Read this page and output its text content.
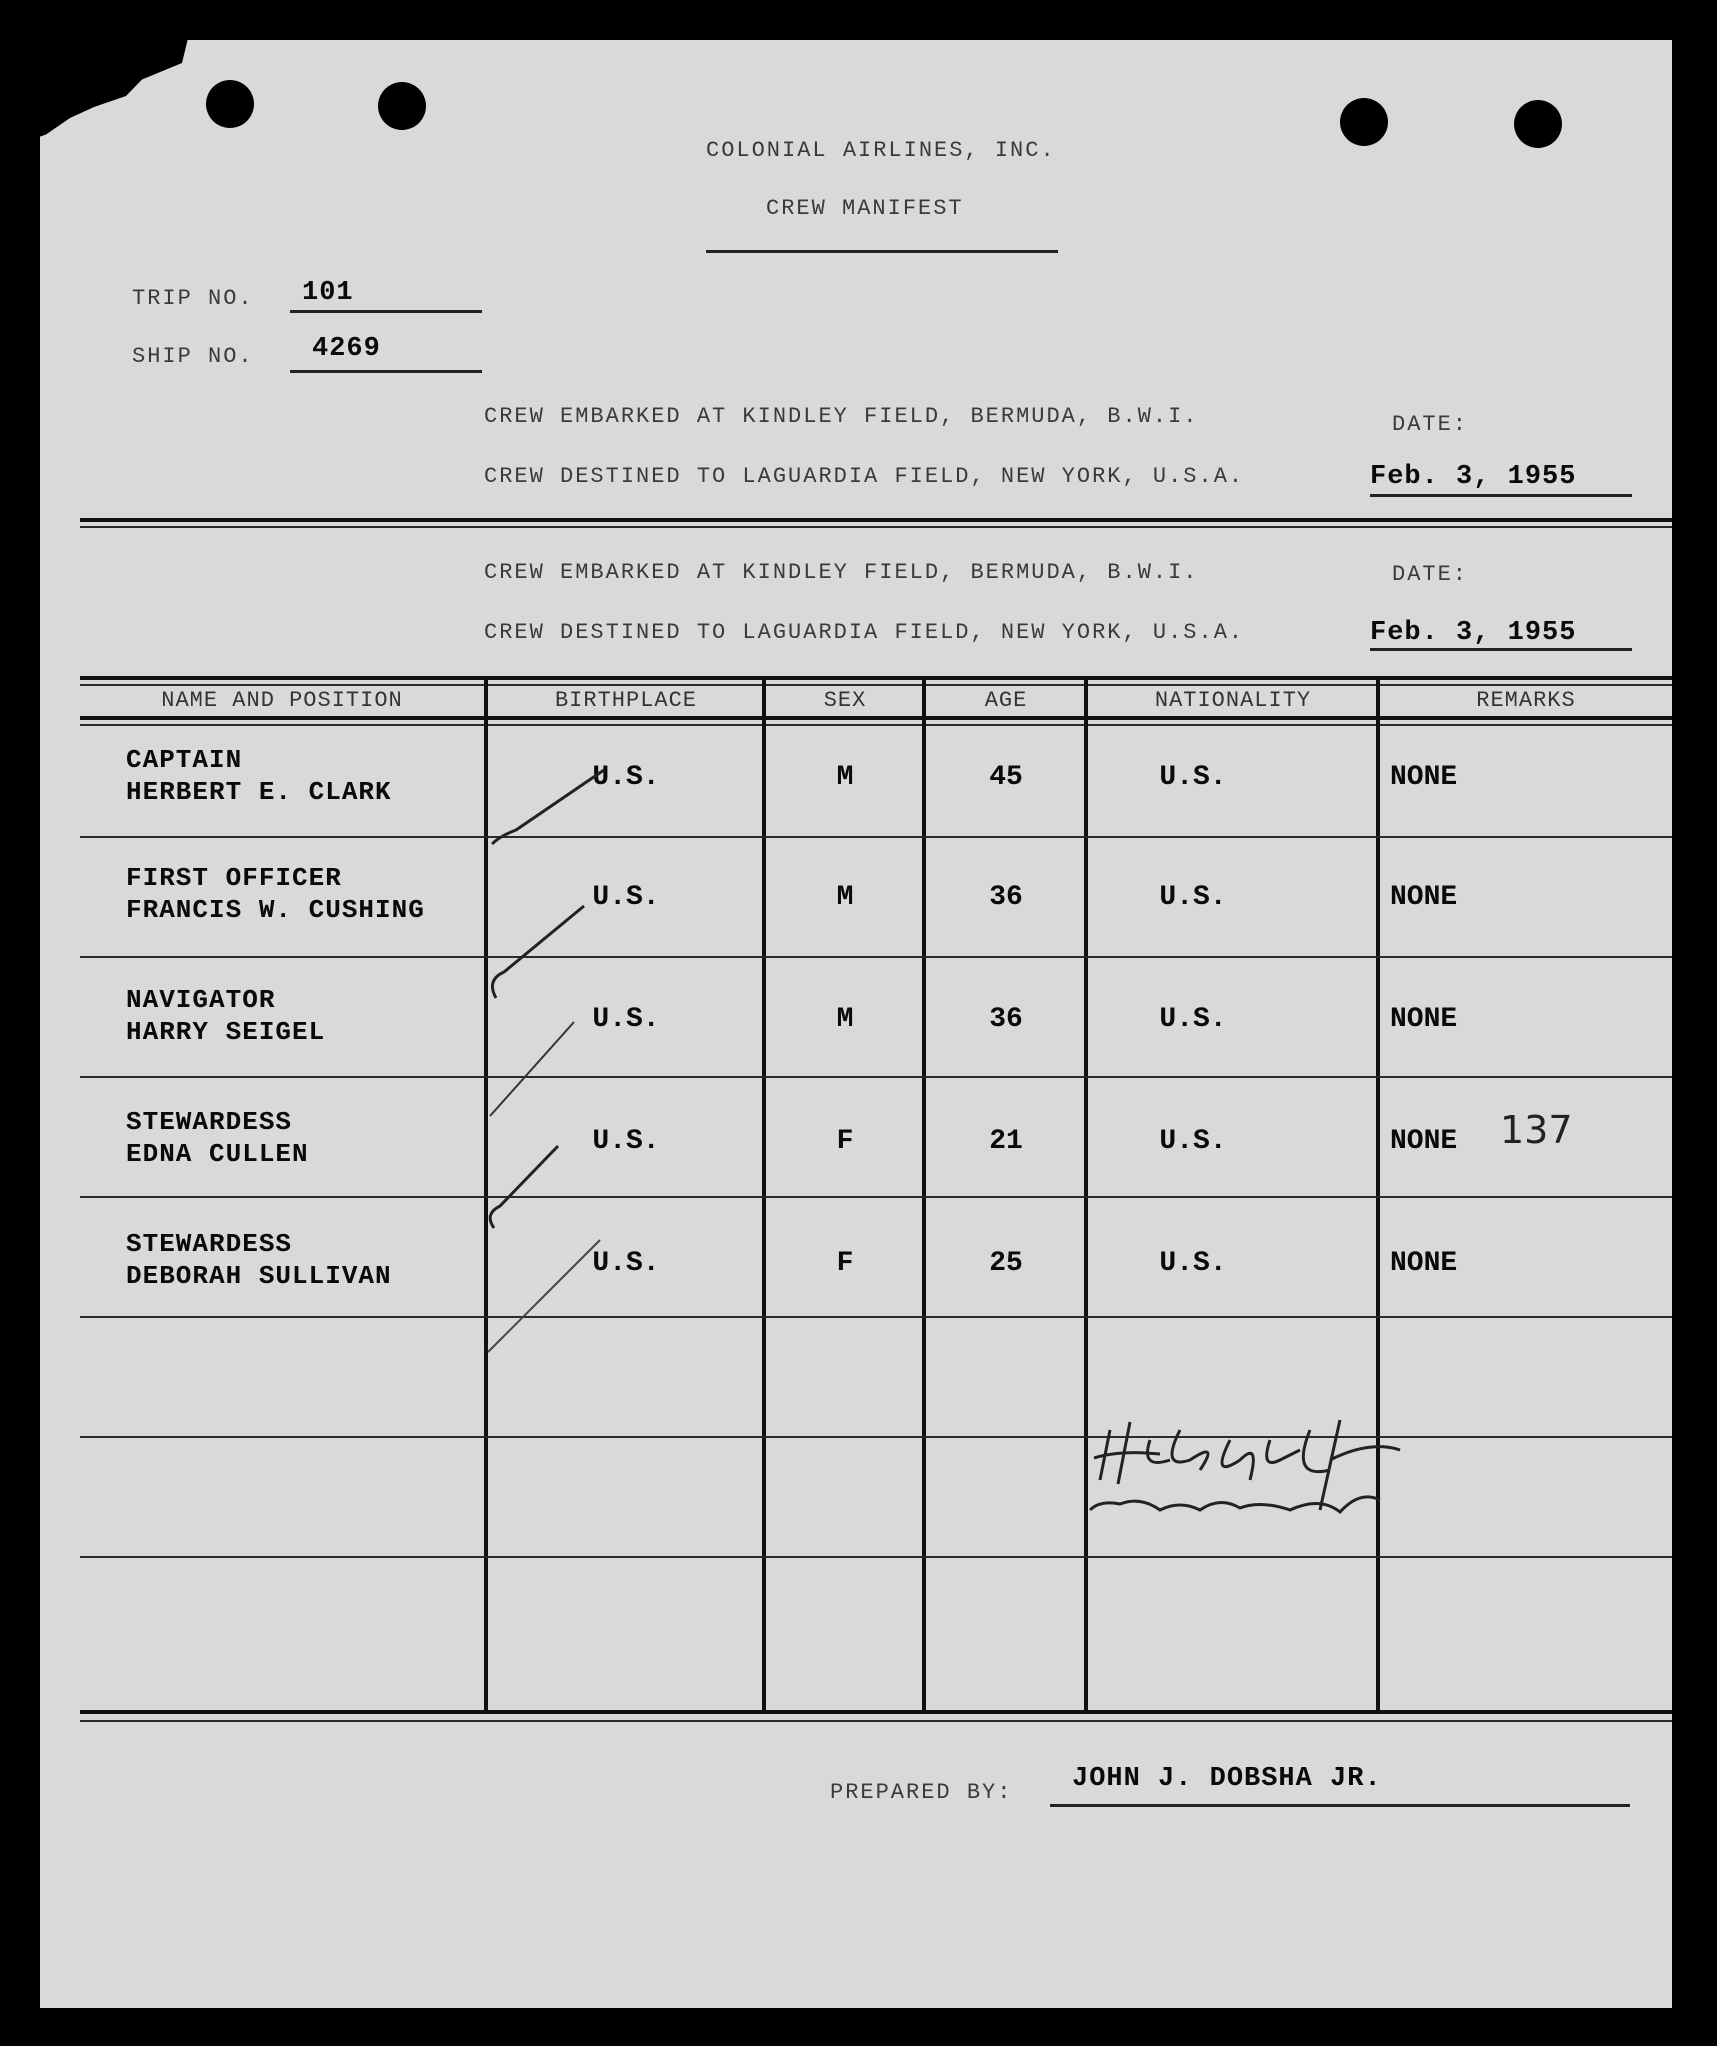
COLONIAL AIRLINES, INC.
CREW MANIFEST
TRIP NO. 101
SHIP NO. 4269
CREW EMBARKED AT KINDLEY FIELD, BERMUDA, B.W.I.	DATE:
CREW DESTINED TO LAGUARDIA FIELD, NEW YORK, U.S.A.	Feb. 3, 1955
CREW EMBARKED AT KINDLEY FIELD, BERMUDA, B.W.I.	DATE:
CREW DESTINED TO LAGUARDIA FIELD, NEW YORK, U.S.A.	Feb. 3, 1955
NAME AND POSITION	BIRTHPLACE	SEX	AGE	NATIONALITY	REMARKS
CAPTAIN
HERBERT E. CLARK	U.S.	M	45	U.S.	NONE
FIRST OFFICER
FRANCIS W. CUSHING	U.S.	M	36	U.S.	NONE
NAVIGATOR
HARRY SEIGEL	U.S.	M	36	U.S.	NONE
STEWARDESS
EDNA CULLEN	U.S.	F	21	U.S.	NONE 137
STEWARDESS
DEBORAH SULLIVAN	U.S.	F	25	U.S.	NONE
PREPARED BY: JOHN J. DOBSHA JR.
